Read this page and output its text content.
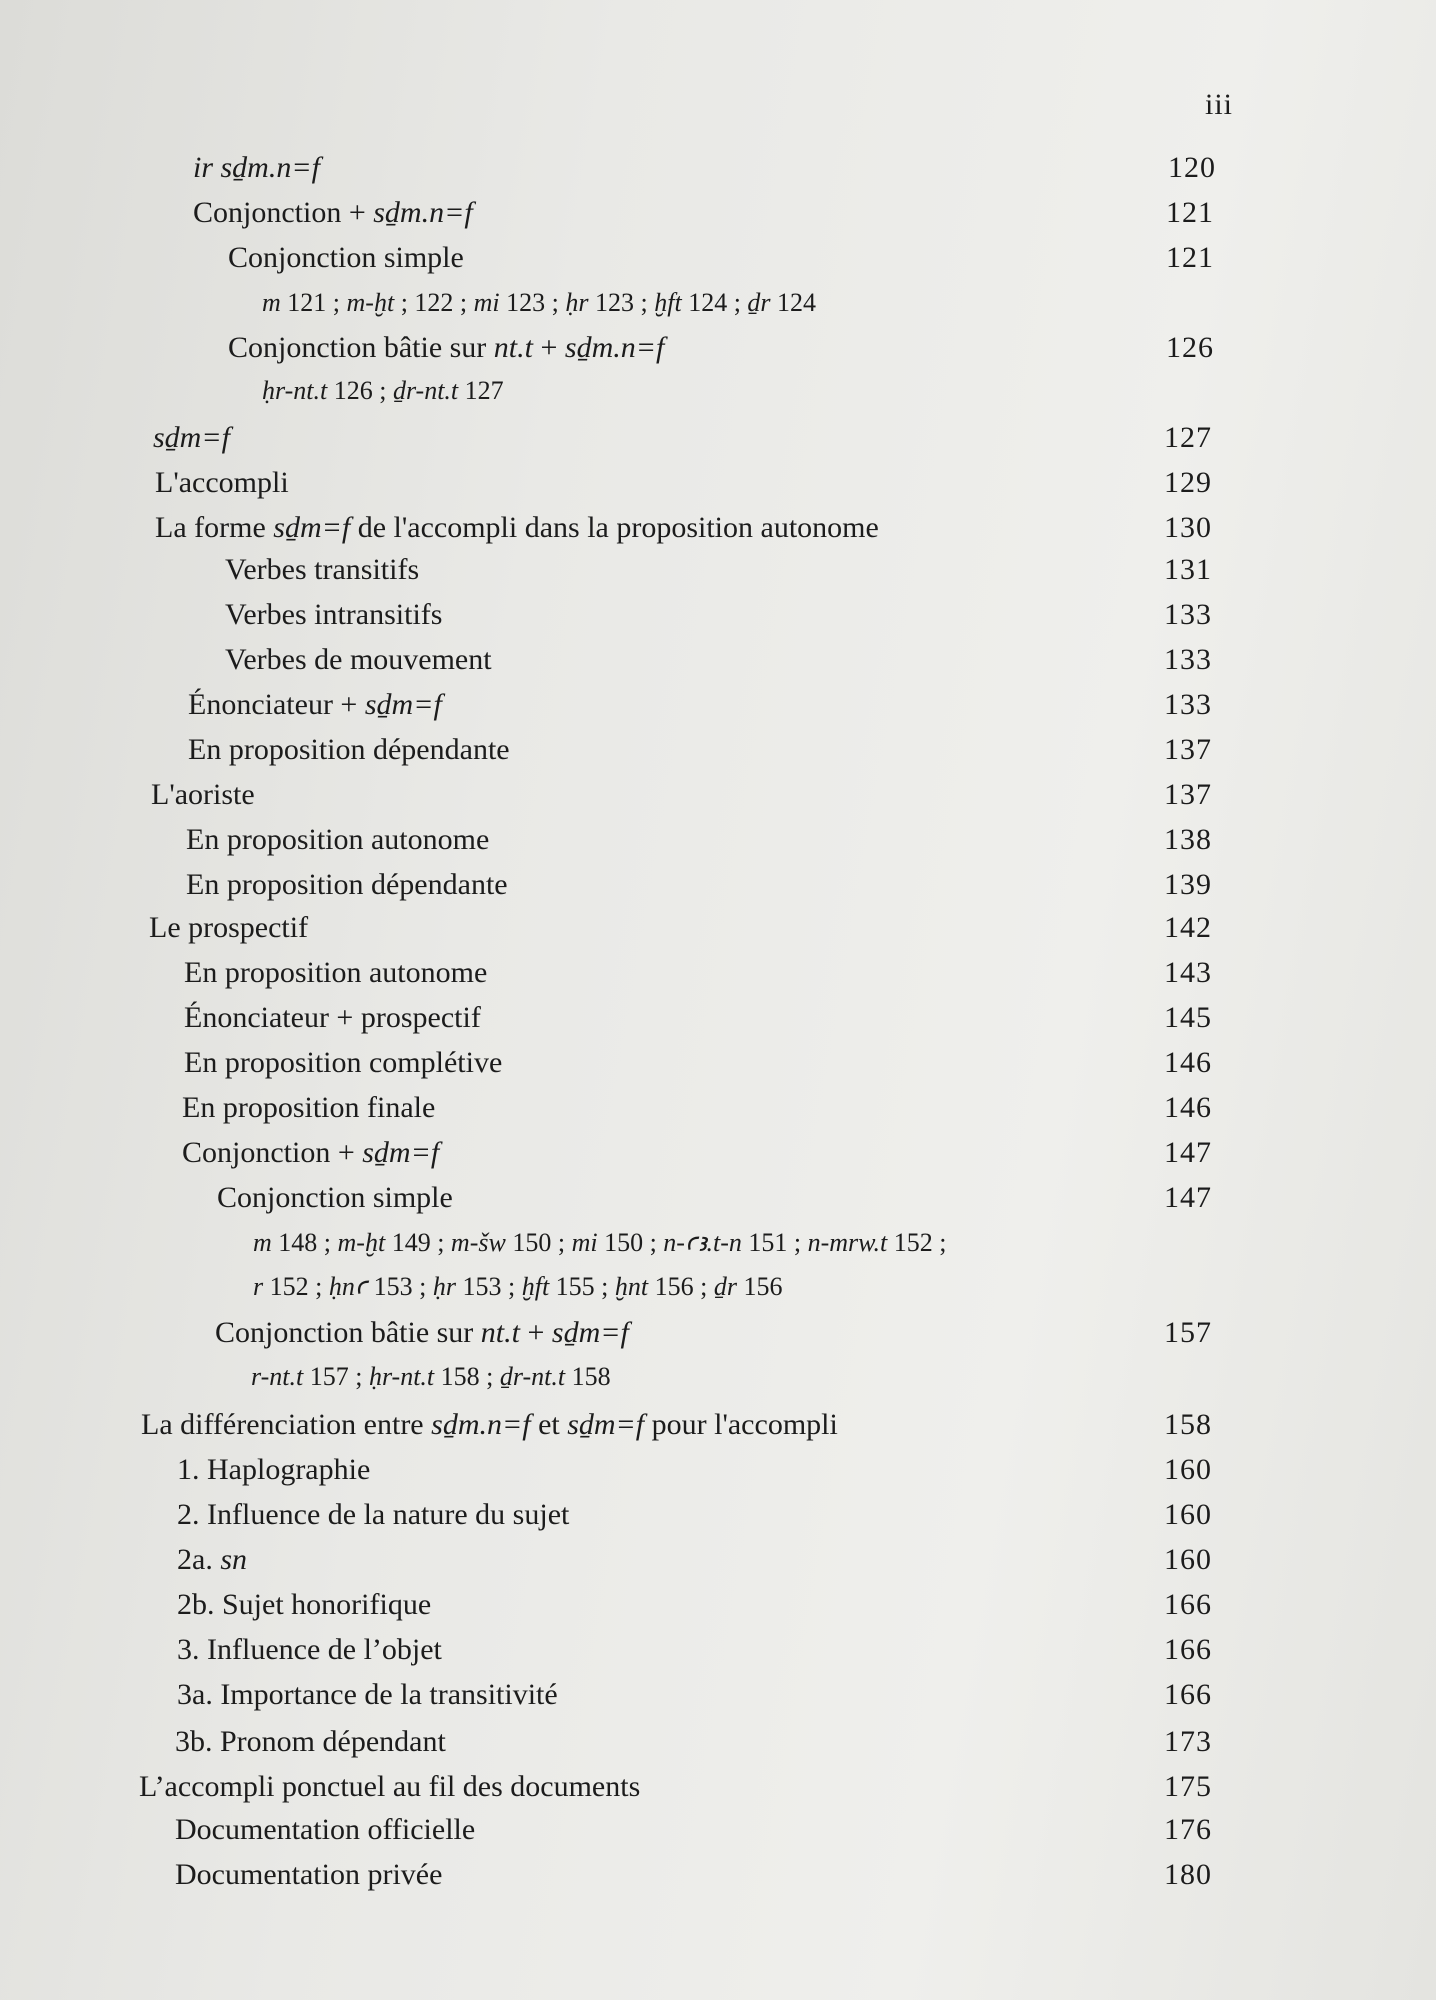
iii
ir sḏm.n=f	120
Conjonction + sḏm.n=f	121
Conjonction simple	121
m 121 ; m-ḫt ; 122 ; mi 123 ; ḥr 123 ; ḫft 124 ; ḏr 124
Conjonction bâtie sur nt.t + sḏm.n=f	126
ḥr-nt.t 126 ; ḏr-nt.t 127
sḏm=f	127
L'accompli	129
La forme sḏm=f de l'accompli dans la proposition autonome	130
Verbes transitifs	131
Verbes intransitifs	133
Verbes de mouvement	133
Énonciateur + sḏm=f	133
En proposition dépendante	137
L'aoriste	137
En proposition autonome	138
En proposition dépendante	139
Le prospectif	142
En proposition autonome	143
Énonciateur + prospectif	145
En proposition complétive	146
En proposition finale	146
Conjonction + sḏm=f	147
Conjonction simple	147
m 148 ; m-ḫt 149 ; m-šw 150 ; mi 150 ; n-ꜥꜣ.t-n 151 ; n-mrw.t 152 ;
r 152 ; ḥnꜥ 153 ; ḥr 153 ; ḫft 155 ; ḫnt 156 ; ḏr 156
Conjonction bâtie sur nt.t + sḏm=f	157
r-nt.t 157 ; ḥr-nt.t 158 ; ḏr-nt.t 158
La différenciation entre sḏm.n=f et sḏm=f pour l'accompli	158
1. Haplographie	160
2. Influence de la nature du sujet	160
2a. sn	160
2b. Sujet honorifique	166
3. Influence de l’objet	166
3a. Importance de la transitivité	166
3b. Pronom dépendant	173
L’accompli ponctuel au fil des documents	175
Documentation officielle	176
Documentation privée	180
